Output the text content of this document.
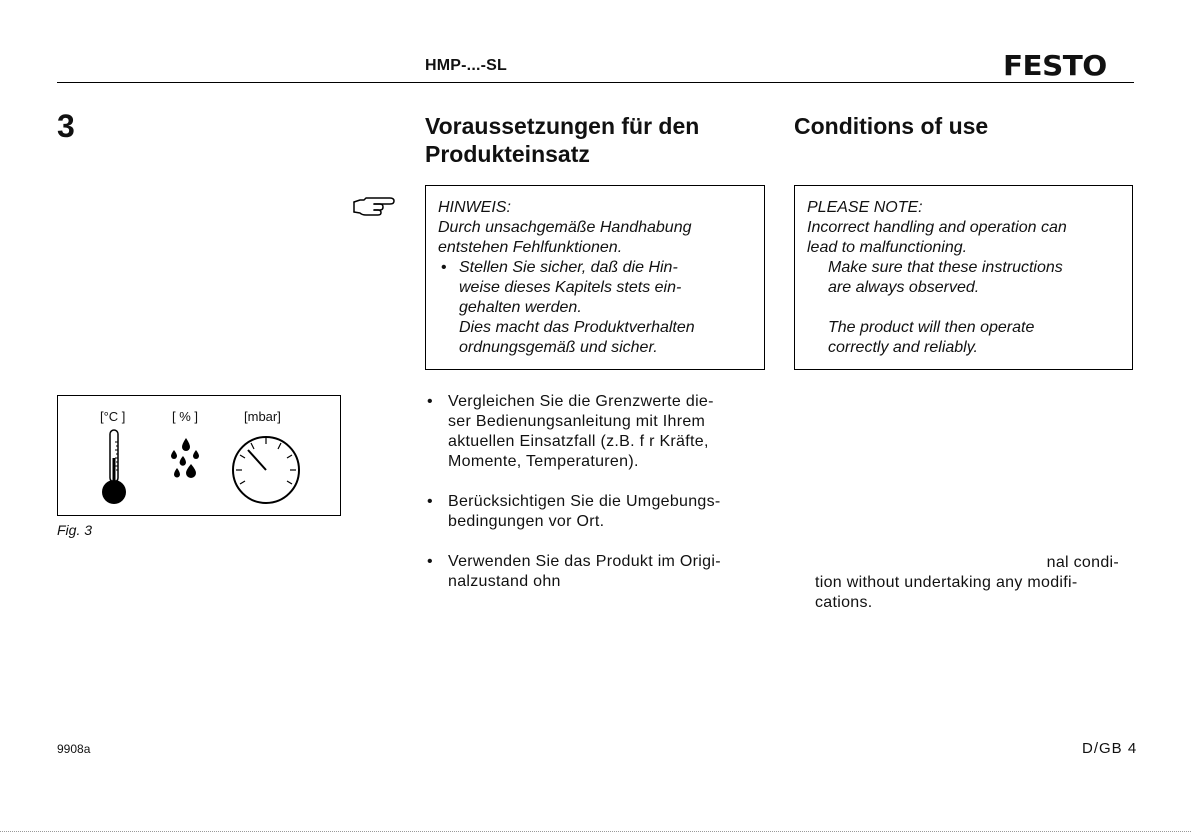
HMP-...-SL	FESTO
3	Voraussetzungen für den
Produkteinsatz
Conditions of use
HINWEIS:
Durch unsachgemäße Handhabung
entstehen Fehlfunktionen.
• Stellen Sie sicher, daß die Hin-
weise dieses Kapitels stets ein-
gehalten werden.
Dies macht das Produktverhalten
ordnungsgemäß und sicher.
PLEASE NOTE:
Incorrect handling and operation can
lead to malfunctioning.
Make sure that these instructions
are always observed.
The product will then operate
correctly and reliably.
[°C ]	[ % ]	[mbar]
Fig. 3
• Vergleichen Sie die Grenzwerte die-
ser Bedienungsanleitung mit Ihrem
aktuellen Einsatzfall (z.B. f r Kräfte,
Momente, Temperaturen).
• Berücksichtigen Sie die Umgebungs-
bedingungen vor Ort.
• Verwenden Sie das Produkt im Origi-
nalzustand ohn
nal condi-
tion without undertaking any modifi-
cations.
9908a	D/GB 4
